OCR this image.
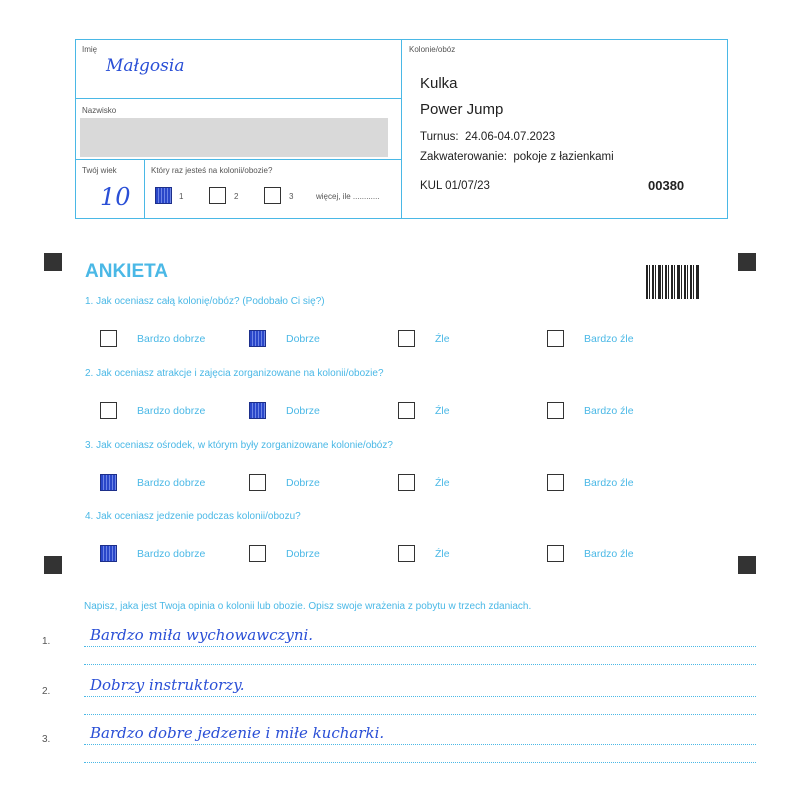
Imię
Małgosia
Nazwisko
Twój wiek
10
Który raz jesteś na kolonii/obozie?
1	2	3	więcej, ile ............
Kolonie/obóz
Kulka
Power Jump
Turnus:  24.06-04.07.2023
Zakwaterowanie:  pokoje z łazienkami
KUL 01/07/23	00380
ANKIETA
1. Jak oceniasz całą kolonię/obóz? (Podobało Ci się?)
Bardzo dobrze	Dobrze	Źle	Bardzo źle
2. Jak oceniasz atrakcje i zajęcia zorganizowane na kolonii/obozie?
Bardzo dobrze	Dobrze	Źle	Bardzo źle
3. Jak oceniasz ośrodek, w którym były zorganizowane kolonie/obóz?
Bardzo dobrze	Dobrze	Źle	Bardzo źle
4. Jak oceniasz jedzenie podczas kolonii/obozu?
Bardzo dobrze	Dobrze	Źle	Bardzo źle
Napisz, jaka jest Twoja opinia o kolonii lub obozie. Opisz swoje wrażenia z pobytu w trzech zdaniach.
1.	Bardzo miła wychowawczyni.
2.	Dobrzy instruktorzy.
3.	Bardzo dobre jedzenie i miłe kucharki.
